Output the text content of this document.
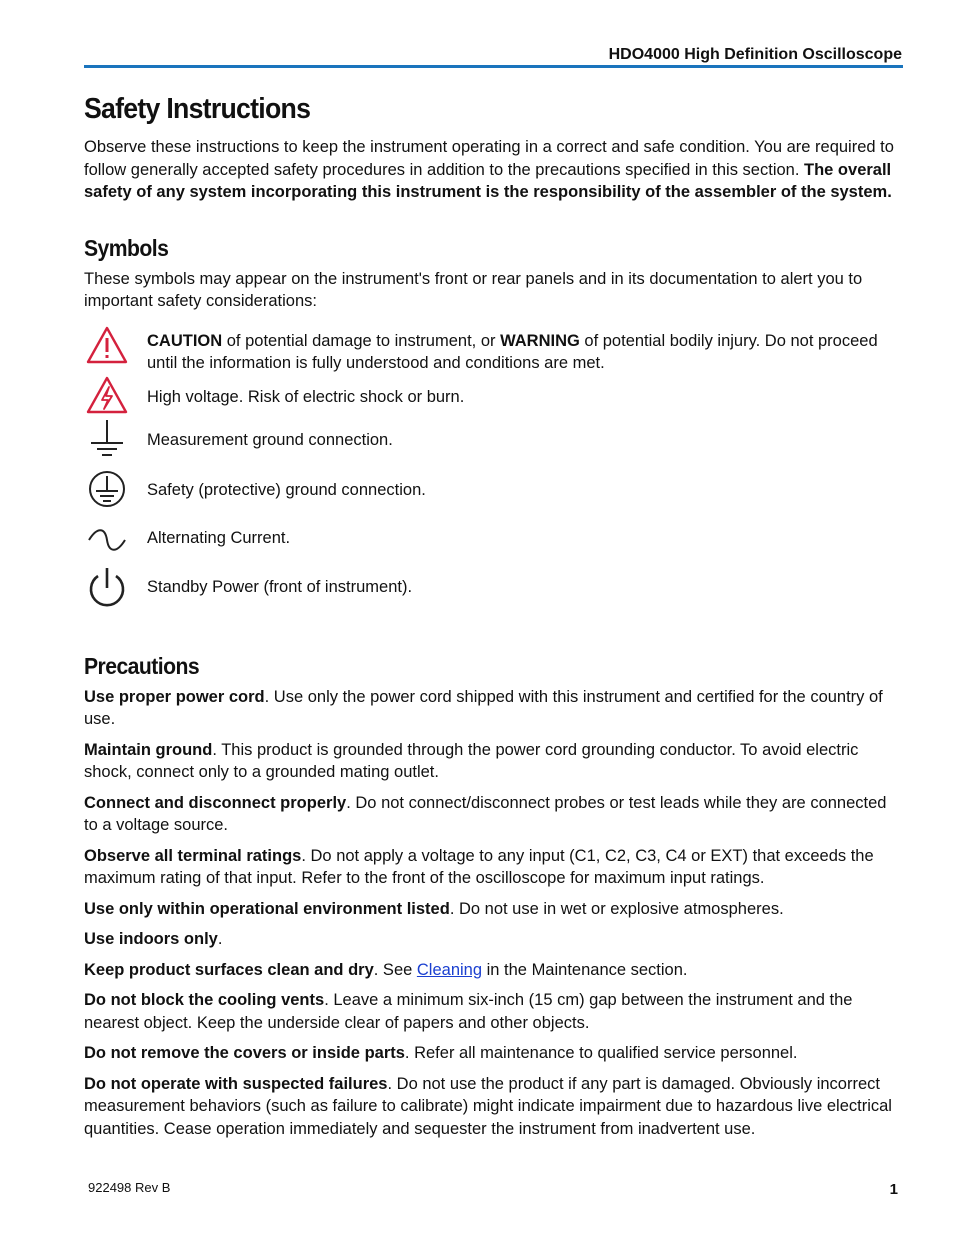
HDO4000 High Definition Oscilloscope
Safety Instructions

Observe these instructions to keep the instrument operating in a correct and safe condition. You are required to follow generally accepted safety procedures in addition to the precautions specified in this section. The overall safety of any system incorporating this instrument is the responsibility of the assembler of the system.

Symbols

These symbols may appear on the instrument's front or rear panels and in its documentation to alert you to important safety considerations:

CAUTION of potential damage to instrument, or WARNING of potential bodily injury. Do not proceed until the information is fully understood and conditions are met.

High voltage. Risk of electric shock or burn.

Measurement ground connection.

Safety (protective) ground connection.

Alternating Current.

Standby Power (front of instrument).

Precautions

Use proper power cord. Use only the power cord shipped with this instrument and certified for the country of use.

Maintain ground. This product is grounded through the power cord grounding conductor. To avoid electric shock, connect only to a grounded mating outlet.

Connect and disconnect properly. Do not connect/disconnect probes or test leads while they are connected to a voltage source.

Observe all terminal ratings. Do not apply a voltage to any input (C1, C2, C3, C4 or EXT) that exceeds the maximum rating of that input. Refer to the front of the oscilloscope for maximum input ratings.

Use only within operational environment listed. Do not use in wet or explosive atmospheres.

Use indoors only.

Keep product surfaces clean and dry. See Cleaning in the Maintenance section.

Do not block the cooling vents. Leave a minimum six-inch (15 cm) gap between the instrument and the nearest object. Keep the underside clear of papers and other objects.

Do not remove the covers or inside parts. Refer all maintenance to qualified service personnel.

Do not operate with suspected failures. Do not use the product if any part is damaged. Obviously incorrect measurement behaviors (such as failure to calibrate) might indicate impairment due to hazardous live electrical quantities. Cease operation immediately and sequester the instrument from inadvertent use.

922498 Rev B	1
